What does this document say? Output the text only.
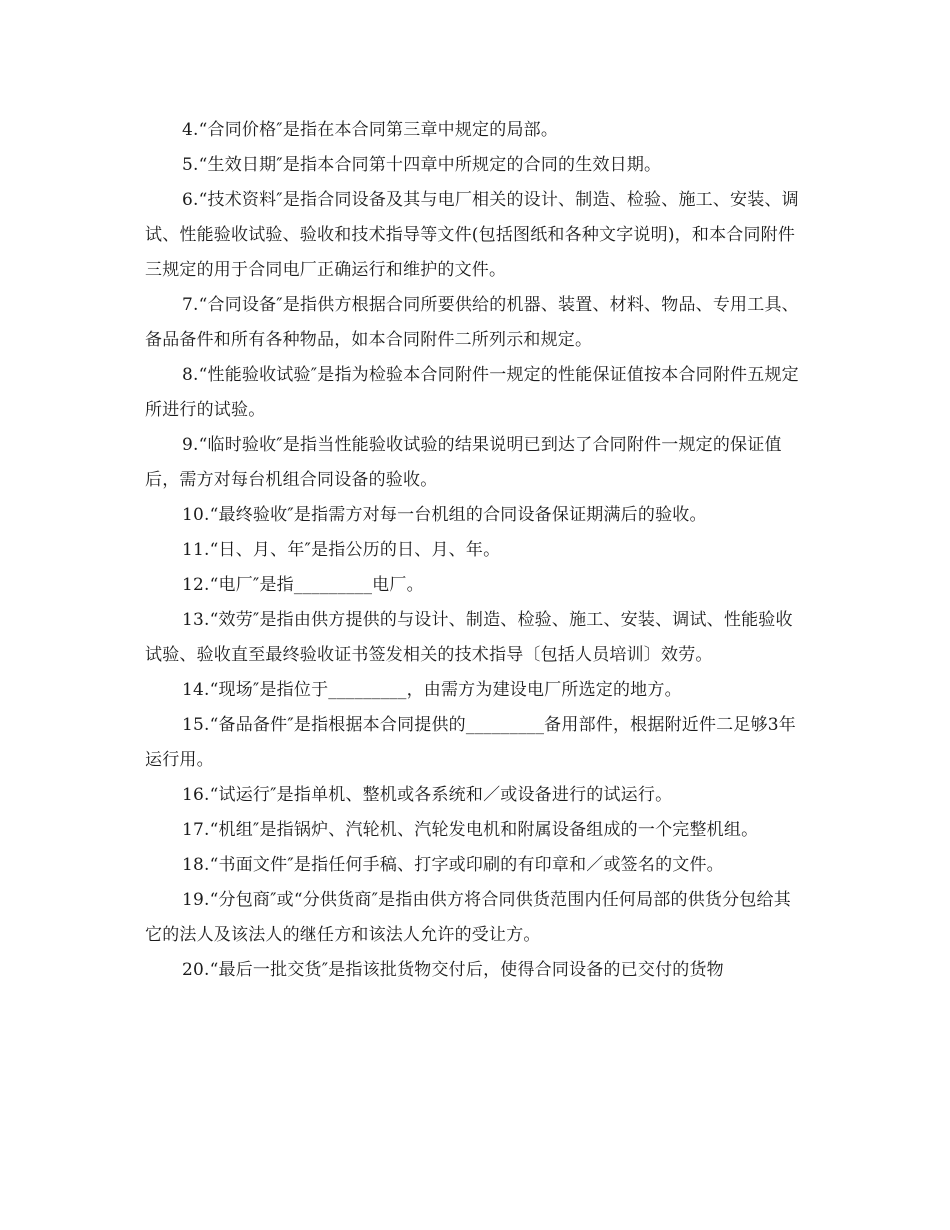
4.“合同价格″是指在本合同第三章中规定的局部。

5.“生效日期″是指本合同第十四章中所规定的合同的生效日期。

6.“技术资料″是指合同设备及其与电厂相关的设计、制造、检验、施工、安装、调试、性能验收试验、验收和技术指导等文件(包括图纸和各种文字说明)，和本合同附件三规定的用于合同电厂正确运行和维护的文件。

7.“合同设备″是指供方根据合同所要供给的机器、装置、材料、物品、专用工具、备品备件和所有各种物品，如本合同附件二所列示和规定。

8.“性能验收试验″是指为检验本合同附件一规定的性能保证值按本合同附件五规定所进行的试验。

9.“临时验收″是指当性能验收试验的结果说明已到达了合同附件一规定的保证值后，需方对每台机组合同设备的验收。

10.“最终验收″是指需方对每一台机组的合同设备保证期满后的验收。

11.“日、月、年″是指公历的日、月、年。

12.“电厂″是指_________电厂。

13.“效劳″是指由供方提供的与设计、制造、检验、施工、安装、调试、性能验收试验、验收直至最终验收证书签发相关的技术指导〔包括人员培训〕效劳。

14.“现场″是指位于_________，由需方为建设电厂所选定的地方。

15.“备品备件″是指根据本合同提供的_________备用部件，根据附近件二足够3年运行用。

16.“试运行″是指单机、整机或各系统和／或设备进行的试运行。

17.“机组″是指锅炉、汽轮机、汽轮发电机和附属设备组成的一个完整机组。

18.“书面文件″是指任何手稿、打字或印刷的有印章和／或签名的文件。

19.“分包商″或“分供货商″是指由供方将合同供货范围内任何局部的供货分包给其它的法人及该法人的继任方和该法人允许的受让方。

20.“最后一批交货″是指该批货物交付后，使得合同设备的已交付的货物
